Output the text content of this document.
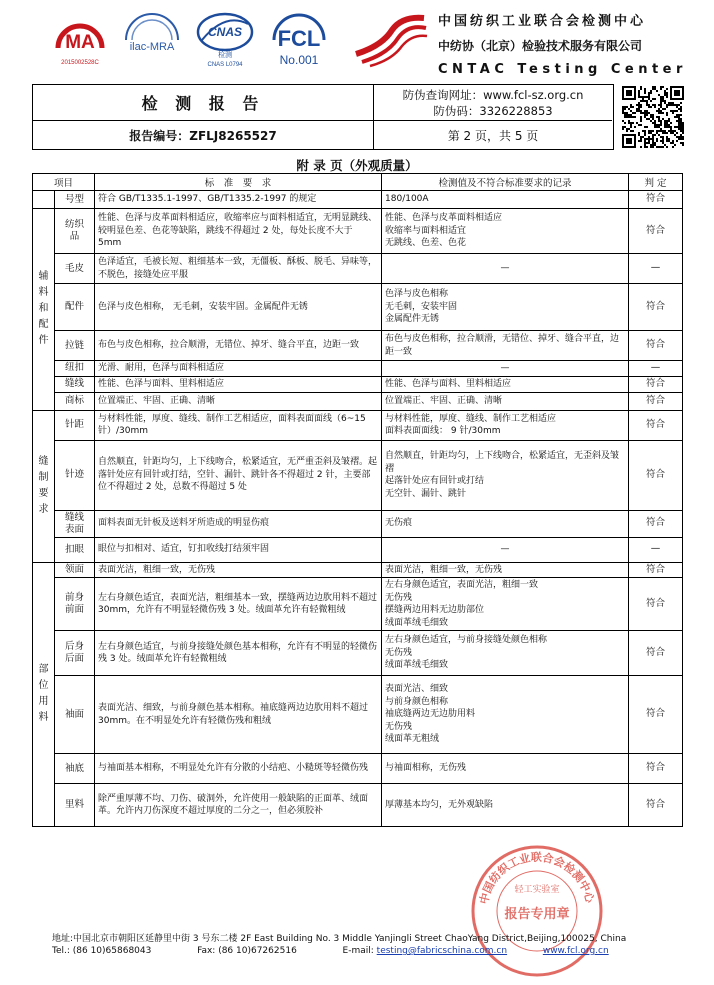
MA
2015002528C
ilac-MRA
CNAS
检测
CNAS L0794
FCL
No.001
中国纺织工业联合会检测中心
中纺协（北京）检验技术服务有限公司
CNTAC Testing Center
检 测 报 告	防伪查询网址：www.fcl-sz.org.cn
防伪码：3326228853
报告编号：ZFLJ8265527	第 2 页，共 5 页
附 录 页（外观质量）
项目		标　准　要　求	检测值及不符合标准要求的记录	判 定
	号型	符合 GB/T1335.1-1997、GB/T1335.2-1997 的规定	180/100A	符合
辅
料
和
配
件	纺织
品	性能、色泽与皮革面料相适应，收缩率应与面料相适宜，无明显跳线、较明显色差、色花等缺陷，跳线不得超过 2 处，每处长度不大于 5mm	性能、色泽与皮革面料相适应
收缩率与面料相适宜
无跳线、色差、色花	符合
	毛皮	色泽适宜，毛被长短、粗细基本一致，无僵板、酥板、脱毛、异味等，不脱色，接缝处应平服	—	—
	配件	色泽与皮色相称， 无毛刺，安装牢固。金属配件无锈	色泽与皮色相称
无毛刺，安装牢固
金属配件无锈	符合
	拉链	布色与皮色相称，拉合顺滑，无错位、掉牙、缝合平直，边距一致	布色与皮色相称，拉合顺滑，无错位、掉牙、缝合平直，边距一致	符合
	纽扣	光滑、耐用，色泽与面料相适应	—	—
	缝线	性能、色泽与面料、里料相适应	性能、色泽与面料、里料相适应	符合
	商标	位置端正、牢固、正确、清晰	位置端正、牢固、正确、清晰	符合
缝
制
要
求	针距	与材料性能，厚度、缝线、制作工艺相适应，面料表面面线（6~15 针）/30mm	与材料性能，厚度、缝线、制作工艺相适应
面料表面面线： 9 针/30mm	符合
	针迹	自然顺直，针距均匀，上下线吻合，松紧适宜，无严重歪斜及皱褶。起落针处应有回针或打结，空针、漏针、跳针各不得超过 2 针，主要部位不得超过 2 处，总数不得超过 5 处	自然顺直，针距均匀，上下线吻合，松紧适宜，无歪斜及皱褶
起落针处应有回针或打结
无空针、漏针、跳针	符合
	缝线
表面	面料表面无针板及送料牙所造成的明显伤痕	无伤痕	符合
	扣眼	眼位与扣相对、适宜，钉扣收线打结须牢固	—	—
部
位
用
料	领面	表面光洁，粗细一致，无伤残	表面光洁，粗细一致，无伤残	符合
	前身
前面	左右身颜色适宜，表面光洁，粗细基本一致，摆缝两边边肷用料不超过 30mm，允许有不明显轻微伤残 3 处。绒面革允许有轻微粗绒	左右身颜色适宜，表面光洁，粗细一致
无伤残
摆缝两边用料无边肋部位
绒面革绒毛细致	符合
	后身
后面	左右身颜色适宜，与前身接缝处颜色基本相称，允许有不明显的轻微伤残 3 处。绒面革允许有轻微粗绒	左右身颜色适宜，与前身接缝处颜色相称
无伤残
绒面革绒毛细致	符合
	袖面	表面光洁、细致，与前身颜色基本相称。袖底缝两边边肷用料不超过 30mm。在不明显处允许有轻微伤残和粗绒	表面光洁、细致
与前身颜色相称
袖底缝两边无边肋用料
无伤残
绒面革无粗绒	符合
	袖底	与袖面基本相称，不明显处允许有分散的小结疤、小糙斑等轻微伤残	与袖面相称，无伤残	符合
	里料	除严重厚薄不均、刀伤、破洞外，允许使用一般缺陷的正面革、绒面革。允许内刀伤深度不超过厚度的二分之一，但必须胶补	厚薄基本均匀，无外观缺陷	符合
中国纺织工业联合会检测中心
轻工实验室
报告专用章
地址:中国北京市朝阳区延静里中街 3 号东二楼 2F East Building No. 3 Middle Yanjingli Street ChaoYang District,Beijing,100025, China
Tel.: (86 10)65868043	Fax: (86 10)67262516	E-mail: testing@fabricschina.com.cn	www.fcl.org.cn
